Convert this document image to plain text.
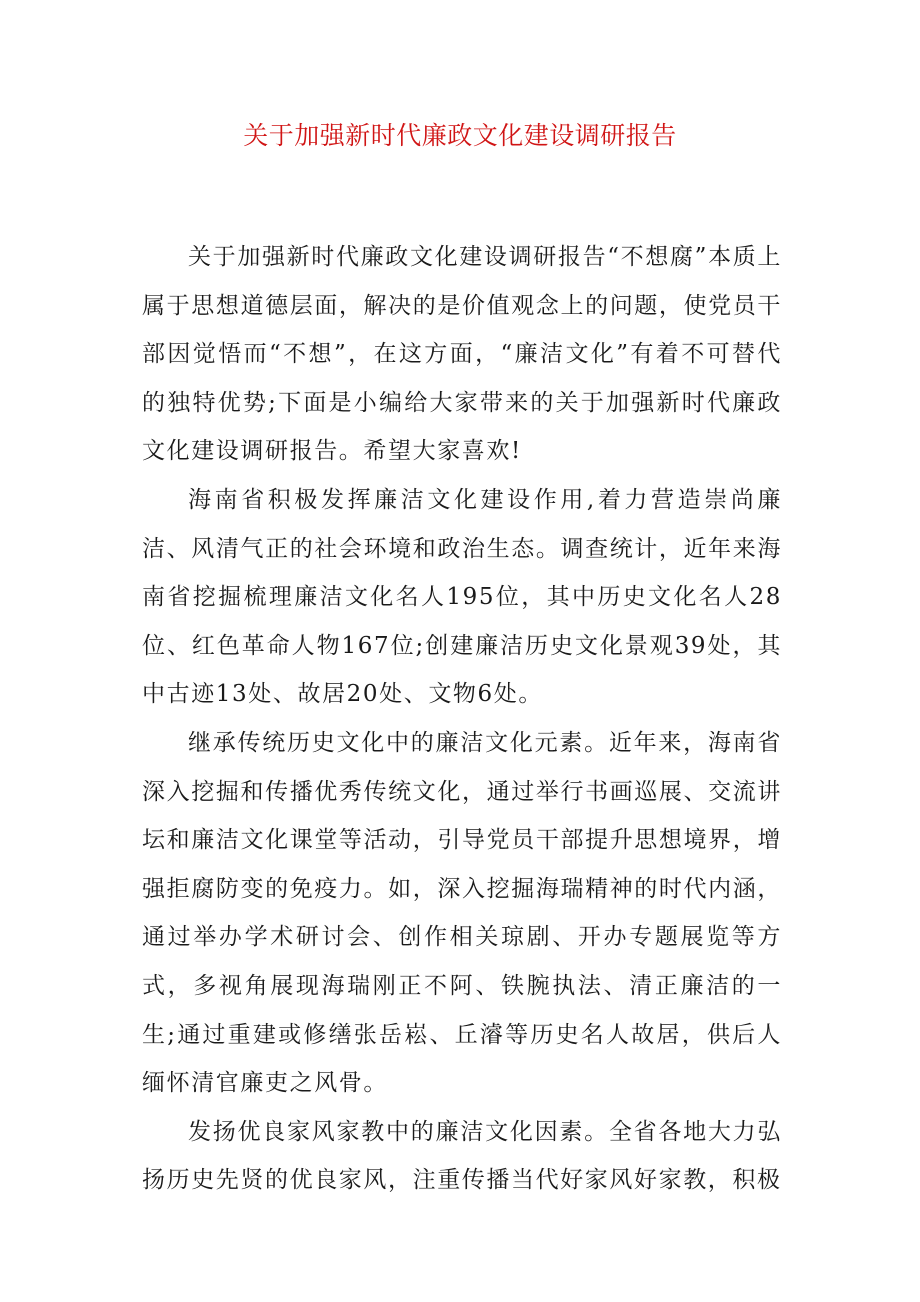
关于加强新时代廉政文化建设调研报告

关于加强新时代廉政文化建设调研报告“不想腐”本质上属于思想道德层面，解决的是价值观念上的问题，使党员干部因觉悟而“不想”，在这方面，“廉洁文化”有着不可替代的独特优势;下面是小编给大家带来的关于加强新时代廉政文化建设调研报告。希望大家喜欢!

海南省积极发挥廉洁文化建设作用,着力营造崇尚廉洁、风清气正的社会环境和政治生态。调查统计，近年来海南省挖掘梳理廉洁文化名人195位，其中历史文化名人28位、红色革命人物167位;创建廉洁历史文化景观39处，其中古迹13处、故居20处、文物6处。

继承传统历史文化中的廉洁文化元素。近年来，海南省深入挖掘和传播优秀传统文化，通过举行书画巡展、交流讲坛和廉洁文化课堂等活动，引导党员干部提升思想境界，增强拒腐防变的免疫力。如，深入挖掘海瑞精神的时代内涵，通过举办学术研讨会、创作相关琼剧、开办专题展览等方式，多视角展现海瑞刚正不阿、铁腕执法、清正廉洁的一生;通过重建或修缮张岳崧、丘濬等历史名人故居，供后人缅怀清官廉吏之风骨。

发扬优良家风家教中的廉洁文化因素。全省各地大力弘扬历史先贤的优良家风，注重传播当代好家风好家教，积极
